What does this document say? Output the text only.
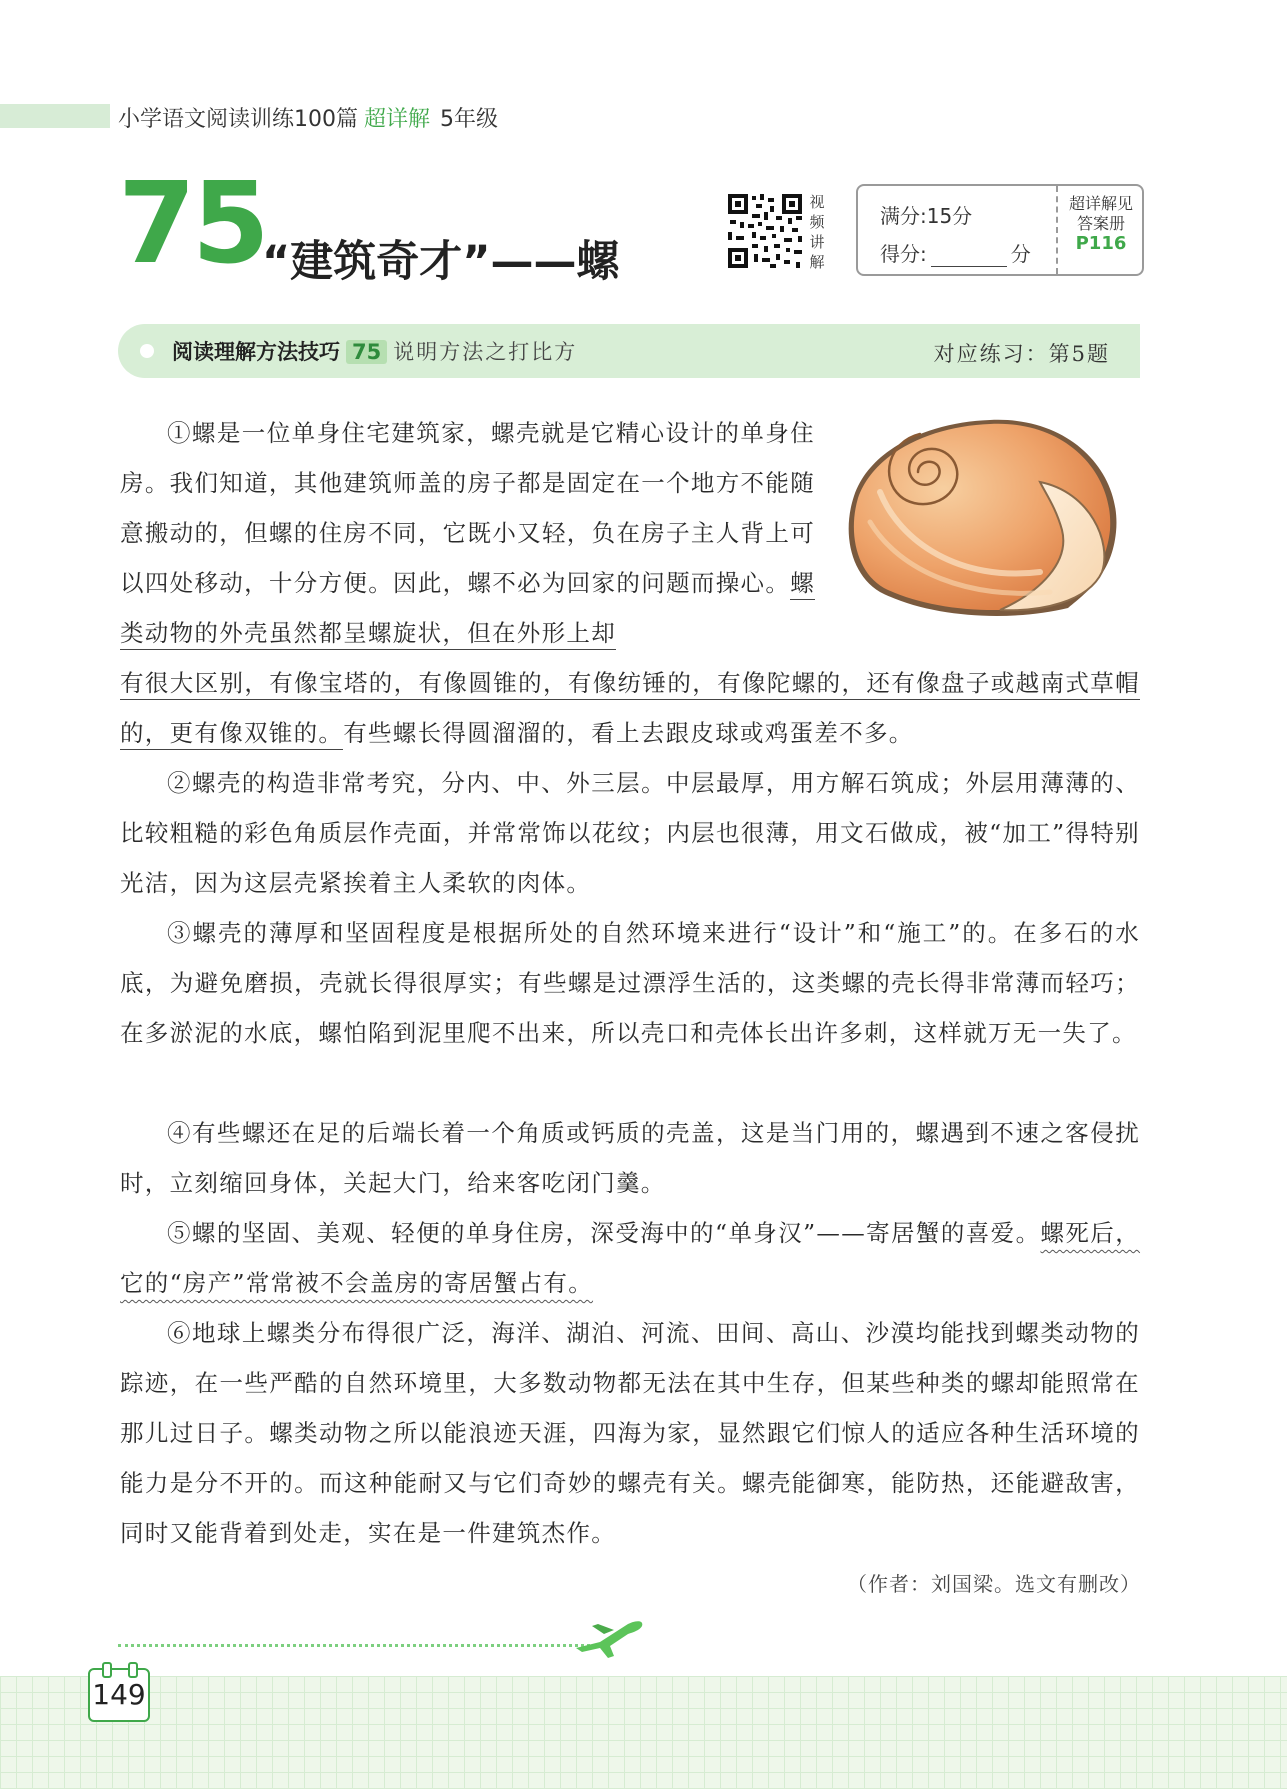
小学语文阅读训练100篇 超详解 5年级
75
“建筑奇才”——螺
视
频
讲
解
满分:15分
得分:	分
超详解见
答案册
P116
阅读理解方法技巧 75 说明方法之打比方	对应练习：第5题

①螺是一位单身住宅建筑家，螺壳就是它精心设计的单身住房。我们知道，其他建筑师盖的房子都是固定在一个地方不能随意搬动的，但螺的住房不同，它既小又轻，负在房子主人背上可以四处移动，十分方便。因此，螺不必为回家的问题而操心。螺类动物的外壳虽然都呈螺旋状，但在外形上却

有很大区别，有像宝塔的，有像圆锥的，有像纺锤的，有像陀螺的，还有像盘子或越南式草帽的，更有像双锥的。有些螺长得圆溜溜的，看上去跟皮球或鸡蛋差不多。

②螺壳的构造非常考究，分内、中、外三层。中层最厚，用方解石筑成；外层用薄薄的、比较粗糙的彩色角质层作壳面，并常常饰以花纹；内层也很薄，用文石做成，被“加工”得特别光洁，因为这层壳紧挨着主人柔软的肉体。

③螺壳的薄厚和坚固程度是根据所处的自然环境来进行“设计”和“施工”的。在多石的水底，为避免磨损，壳就长得很厚实；有些螺是过漂浮生活的，这类螺的壳长得非常薄而轻巧；在多淤泥的水底，螺怕陷到泥里爬不出来，所以壳口和壳体长出许多刺，这样就万无一失了。

④有些螺还在足的后端长着一个角质或钙质的壳盖，这是当门用的，螺遇到不速之客侵扰时，立刻缩回身体，关起大门，给来客吃闭门羹。

⑤螺的坚固、美观、轻便的单身住房，深受海中的“单身汉”——寄居蟹的喜爱。螺死后，它的“房产”常常被不会盖房的寄居蟹占有。

⑥地球上螺类分布得很广泛，海洋、湖泊、河流、田间、高山、沙漠均能找到螺类动物的踪迹，在一些严酷的自然环境里，大多数动物都无法在其中生存，但某些种类的螺却能照常在那儿过日子。螺类动物之所以能浪迹天涯，四海为家，显然跟它们惊人的适应各种生活环境的能力是分不开的。而这种能耐又与它们奇妙的螺壳有关。螺壳能御寒，能防热，还能避敌害，同时又能背着到处走，实在是一件建筑杰作。

（作者：刘国梁。选文有删改）
149
